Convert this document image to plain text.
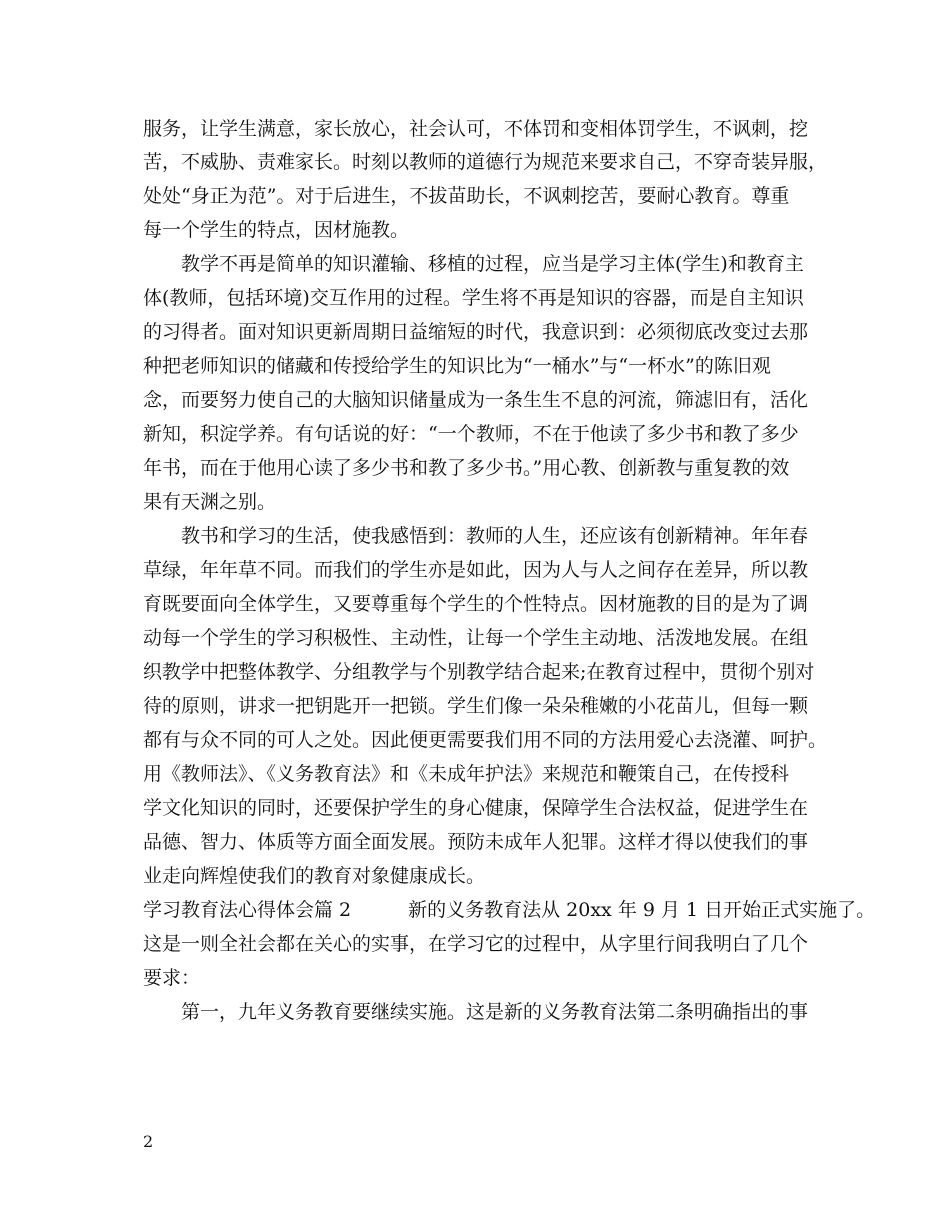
服务，让学生满意，家长放心，社会认可，不体罚和变相体罚学生，不讽刺，挖
苦，不威胁、责难家长。时刻以教师的道德行为规范来要求自己，不穿奇装异服，
处处“身正为范”。对于后进生，不拔苗助长，不讽刺挖苦，要耐心教育。尊重
每一个学生的特点，因材施教。
教学不再是简单的知识灌输、移植的过程，应当是学习主体(学生)和教育主
体(教师，包括环境)交互作用的过程。学生将不再是知识的容器，而是自主知识
的习得者。面对知识更新周期日益缩短的时代，我意识到：必须彻底改变过去那
种把老师知识的储藏和传授给学生的知识比为“一桶水”与“一杯水”的陈旧观
念，而要努力使自己的大脑知识储量成为一条生生不息的河流，筛滤旧有，活化
新知，积淀学养。有句话说的好：“一个教师，不在于他读了多少书和教了多少
年书，而在于他用心读了多少书和教了多少书。”用心教、创新教与重复教的效
果有天渊之别。
教书和学习的生活，使我感悟到：教师的人生，还应该有创新精神。年年春
草绿，年年草不同。而我们的学生亦是如此，因为人与人之间存在差异，所以教
育既要面向全体学生，又要尊重每个学生的个性特点。因材施教的目的是为了调
动每一个学生的学习积极性、主动性，让每一个学生主动地、活泼地发展。在组
织教学中把整体教学、分组教学与个别教学结合起来;在教育过程中，贯彻个别对
待的原则，讲求一把钥匙开一把锁。学生们像一朵朵稚嫩的小花苗儿，但每一颗
都有与众不同的可人之处。因此便更需要我们用不同的方法用爱心去浇灌、呵护。
用《教师法》、《义务教育法》和《未成年护法》来规范和鞭策自己，在传授科
学文化知识的同时，还要保护学生的身心健康，保障学生合法权益，促进学生在
品德、智力、体质等方面全面发展。预防未成年人犯罪。这样才得以使我们的事
业走向辉煌使我们的教育对象健康成长。
学习教育法心得体会篇 2　　　新的义务教育法从 20xx 年 9 月 1 日开始正式实施了。
这是一则全社会都在关心的实事，在学习它的过程中，从字里行间我明白了几个
要求：
第一，九年义务教育要继续实施。这是新的义务教育法第二条明确指出的事
2
